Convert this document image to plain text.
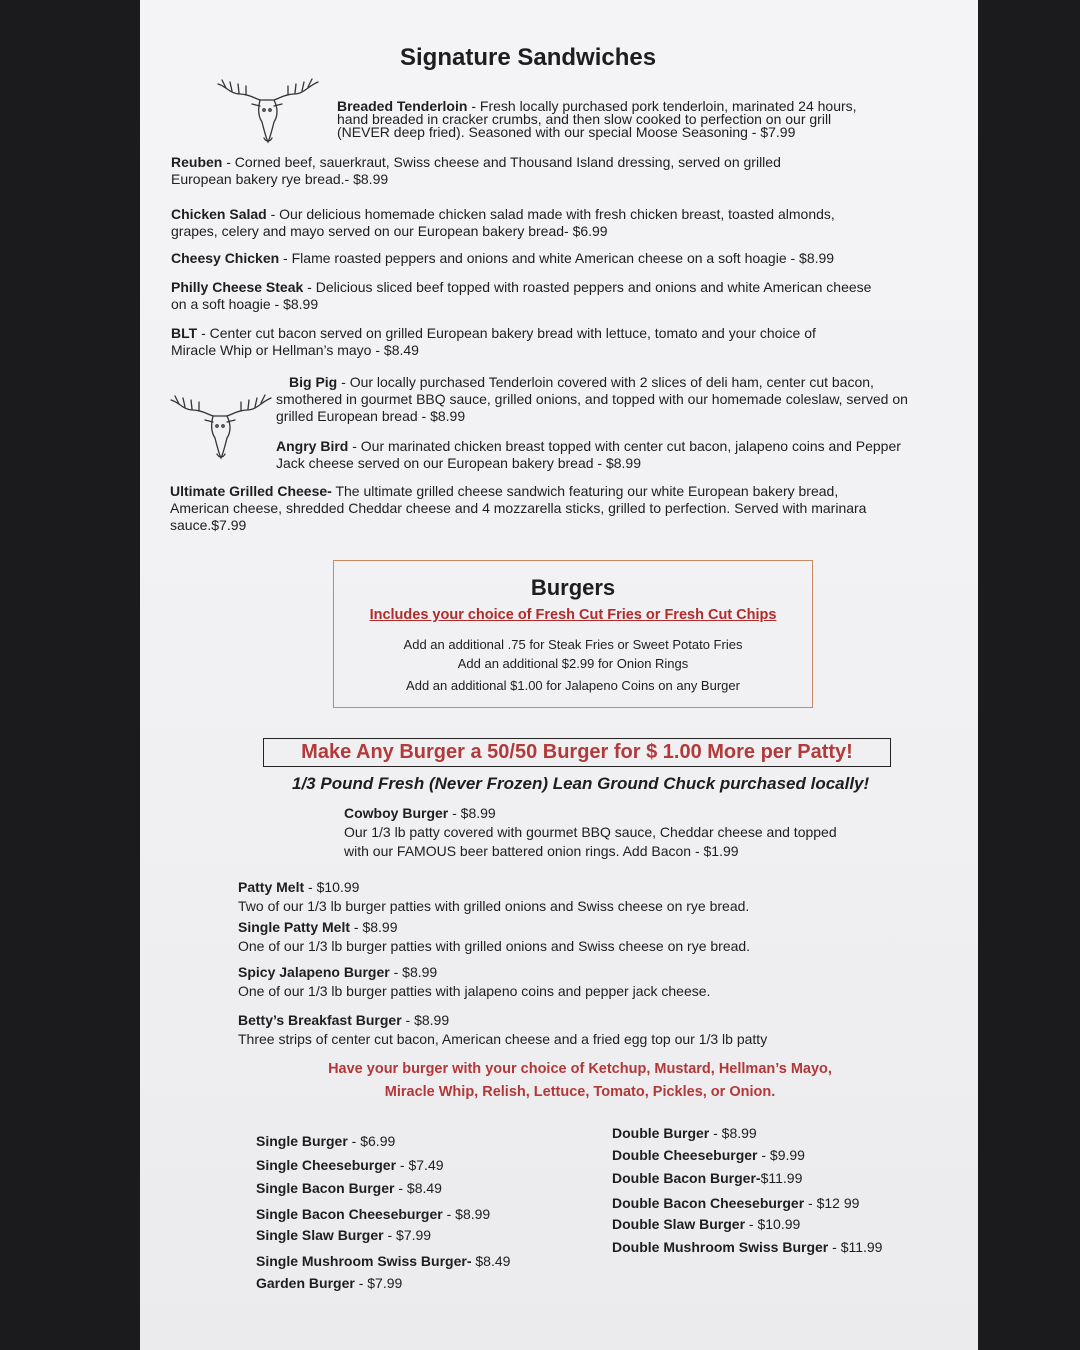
Signature Sandwiches
Breaded Tenderloin - Fresh locally purchased pork tenderloin, marinated 24 hours,
hand breaded in cracker crumbs, and then slow cooked to perfection on our grill
(NEVER deep fried). Seasoned with our special Moose Seasoning - $7.99
Reuben - Corned beef, sauerkraut, Swiss cheese and Thousand Island dressing, served on grilled
European bakery rye bread.- $8.99
Chicken Salad - Our delicious homemade chicken salad made with fresh chicken breast, toasted almonds,
grapes, celery and mayo served on our European bakery bread- $6.99
Cheesy Chicken - Flame roasted peppers and onions and white American cheese on a soft hoagie - $8.99
Philly Cheese Steak - Delicious sliced beef topped with roasted peppers and onions and white American cheese
on a soft hoagie - $8.99
BLT - Center cut bacon served on grilled European bakery bread with lettuce, tomato and your choice of
Miracle Whip or Hellman’s mayo - $8.49
Big Pig - Our locally purchased Tenderloin covered with 2 slices of deli ham, center cut bacon,
smothered in gourmet BBQ sauce, grilled onions, and topped with our homemade coleslaw, served on
grilled European bread - $8.99
Angry Bird - Our marinated chicken breast topped with center cut bacon, jalapeno coins and Pepper
Jack cheese served on our European bakery bread - $8.99
Ultimate Grilled Cheese- The ultimate grilled cheese sandwich featuring our white European bakery bread,
American cheese, shredded Cheddar cheese and 4 mozzarella sticks, grilled to perfection. Served with marinara
sauce.$7.99
Burgers
Includes your choice of Fresh Cut Fries or Fresh Cut Chips
Add an additional .75 for Steak Fries or Sweet Potato Fries
Add an additional $2.99 for Onion Rings
Add an additional $1.00 for Jalapeno Coins on any Burger
Make Any Burger a 50/50 Burger for $ 1.00 More per Patty!
1/3 Pound Fresh (Never Frozen) Lean Ground Chuck purchased locally!
Cowboy Burger - $8.99
Our 1/3 lb patty covered with gourmet BBQ sauce, Cheddar cheese and topped
with our FAMOUS beer battered onion rings. Add Bacon - $1.99
Patty Melt - $10.99
Two of our 1/3 lb burger patties with grilled onions and Swiss cheese on rye bread.
Single Patty Melt - $8.99
One of our 1/3 lb burger patties with grilled onions and Swiss cheese on rye bread.
Spicy Jalapeno Burger - $8.99
One of our 1/3 lb burger patties with jalapeno coins and pepper jack cheese.
Betty’s Breakfast Burger - $8.99
Three strips of center cut bacon, American cheese and a fried egg top our 1/3 lb patty
Have your burger with your choice of Ketchup, Mustard, Hellman’s Mayo,
Miracle Whip, Relish, Lettuce, Tomato, Pickles, or Onion.
Single Burger - $6.99
Single Cheeseburger - $7.49
Single Bacon Burger - $8.49
Single Bacon Cheeseburger - $8.99
Single Slaw Burger - $7.99
Single Mushroom Swiss Burger- $8.49
Garden Burger - $7.99
Double Burger - $8.99
Double Cheeseburger - $9.99
Double Bacon Burger-$11.99
Double Bacon Cheeseburger - $12 99
Double Slaw Burger - $10.99
Double Mushroom Swiss Burger - $11.99
